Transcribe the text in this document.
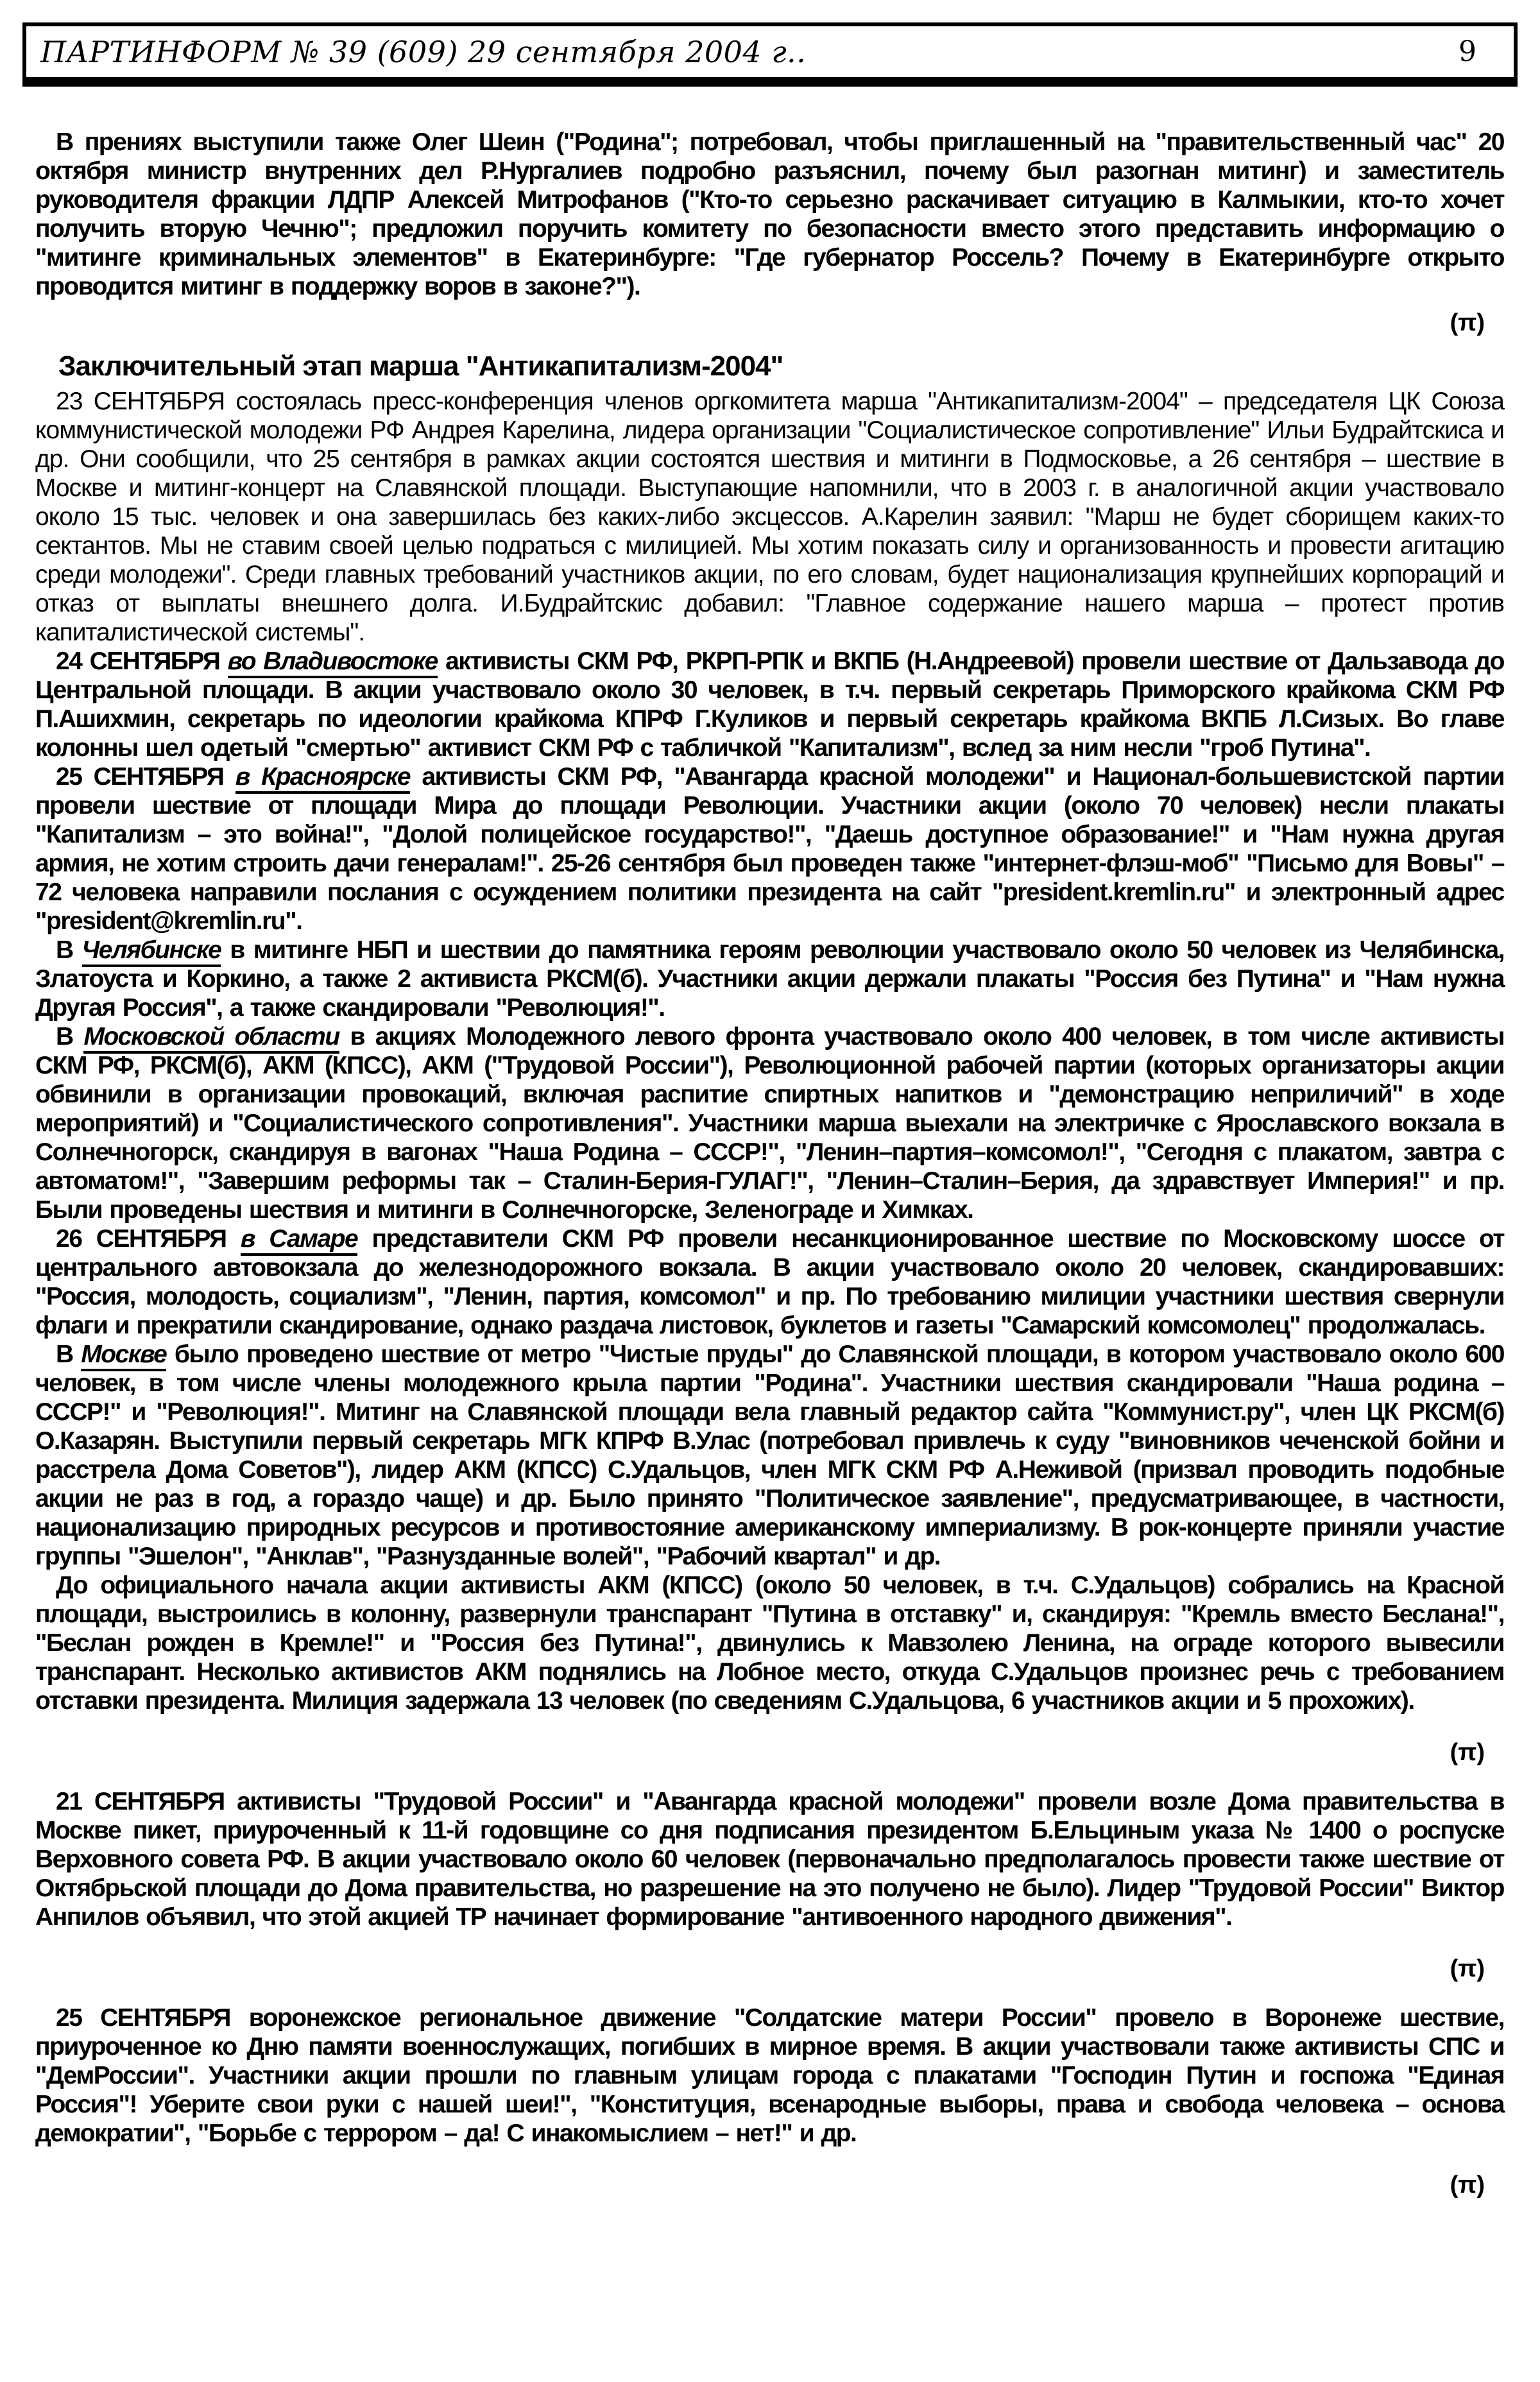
ПАРТИНФОРМ № 39 (609) 29 сентября 2004 г..	9

В прениях выступили также Олег Шеин ("Родина"; потребовал, чтобы приглашенный на "правительственный час" 20 октября министр внутренних дел Р.Нургалиев подробно разъяснил, почему был разогнан митинг) и заместитель руководителя фракции ЛДПР Алексей Митрофанов ("Кто-то серьезно раскачивает ситуацию в Калмыкии, кто-то хочет получить вторую Чечню"; предложил поручить комитету по безопасности вместо этого представить информацию о "митинге криминальных элементов" в Екатеринбурге: "Где губернатор Россель? Почему в Екатеринбурге открыто проводится митинг в поддержку воров в законе?").

(π)
Заключительный этап марша "Антикапитализм-2004"

23 СЕНТЯБРЯ состоялась пресс-конференция членов оргкомитета марша "Антикапитализм-2004" – председателя ЦК Союза коммунистической молодежи РФ Андрея Карелина, лидера организации "Социалистическое сопротивление" Ильи Будрайтскиса и др. Они сообщили, что 25 сентября в рамках акции состоятся шествия и митинги в Подмосковье, а 26 сентября – шествие в Москве и митинг-концерт на Славянской площади. Выступающие напомнили, что в 2003 г. в аналогичной акции участвовало около 15 тыс. человек и она завершилась без каких-либо эксцессов. А.Карелин заявил: "Марш не будет сборищем каких-то сектантов. Мы не ставим своей целью подраться с милицией. Мы хотим показать силу и организованность и провести агитацию среди молодежи". Среди главных требований участников акции, по его словам, будет национализация крупнейших корпораций и отказ от выплаты внешнего долга. И.Будрайтскис добавил: "Главное содержание нашего марша – протест против капиталистической системы".

24 СЕНТЯБРЯ во Владивостоке активисты СКМ РФ, РКРП-РПК и ВКПБ (Н.Андреевой) провели шествие от Дальзавода до Центральной площади. В акции участвовало около 30 человек, в т.ч. первый секретарь Приморского крайкома СКМ РФ П.Ашихмин, секретарь по идеологии крайкома КПРФ Г.Куликов и первый секретарь крайкома ВКПБ Л.Сизых. Во главе колонны шел одетый "смертью" активист СКМ РФ с табличкой "Капитализм", вслед за ним несли "гроб Путина".

25 СЕНТЯБРЯ в Красноярске активисты СКМ РФ, "Авангарда красной молодежи" и Национал-большевистской партии провели шествие от площади Мира до площади Революции. Участники акции (около 70 человек) несли плакаты "Капитализм – это война!", "Долой полицейское государство!", "Даешь доступное образование!" и "Нам нужна другая армия, не хотим строить дачи генералам!". 25-26 сентября был проведен также "интернет-флэш-моб" "Письмо для Вовы" – 72 человека направили послания с осуждением политики президента на сайт "president.kremlin.ru" и электронный адрес "president@kremlin.ru".

В Челябинске в митинге НБП и шествии до памятника героям революции участвовало около 50 человек из Челябинска, Златоуста и Коркино, а также 2 активиста РКСМ(б). Участники акции держали плакаты "Россия без Путина" и "Нам нужна Другая Россия", а также скандировали "Революция!".

В Московской области в акциях Молодежного левого фронта участвовало около 400 человек, в том числе активисты СКМ РФ, РКСМ(б), АКМ (КПСС), АКМ ("Трудовой России"), Революционной рабочей партии (которых организаторы акции обвинили в организации провокаций, включая распитие спиртных напитков и "демонстрацию неприличий" в ходе мероприятий) и "Социалистического сопротивления". Участники марша выехали на электричке с Ярославского вокзала в Солнечногорск, скандируя в вагонах "Наша Родина – СССР!", "Ленин–партия–комсомол!", "Сегодня с плакатом, завтра с автоматом!", "Завершим реформы так – Сталин-Берия-ГУЛАГ!", "Ленин–Сталин–Берия, да здравствует Империя!" и пр. Были проведены шествия и митинги в Солнечногорске, Зеленограде и Химках.

26 СЕНТЯБРЯ в Самаре представители СКМ РФ провели несанкционированное шествие по Московскому шоссе от центрального автовокзала до железнодорожного вокзала. В акции участвовало около 20 человек, скандировавших: "Россия, молодость, социализм", "Ленин, партия, комсомол" и пр. По требованию милиции участники шествия свернули флаги и прекратили скандирование, однако раздача листовок, буклетов и газеты "Самарский комсомолец" продолжалась.

В Москве было проведено шествие от метро "Чистые пруды" до Славянской площади, в котором участвовало около 600 человек, в том числе члены молодежного крыла партии "Родина". Участники шествия скандировали "Наша родина – СССР!" и "Революция!". Митинг на Славянской площади вела главный редактор сайта "Коммунист.ру", член ЦК РКСМ(б) О.Казарян. Выступили первый секретарь МГК КПРФ В.Улас (потребовал привлечь к суду "виновников чеченской бойни и расстрела Дома Советов"), лидер АКМ (КПСС) С.Удальцов, член МГК СКМ РФ А.Неживой (призвал проводить подобные акции не раз в год, а гораздо чаще) и др. Было принято "Политическое заявление", предусматривающее, в частности, национализацию природных ресурсов и противостояние американскому империализму. В рок-концерте приняли участие группы "Эшелон", "Анклав", "Разнузданные волей", "Рабочий квартал" и др.

До официального начала акции активисты АКМ (КПСС) (около 50 человек, в т.ч. С.Удальцов) собрались на Красной площади, выстроились в колонну, развернули транспарант "Путина в отставку" и, скандируя: "Кремль вместо Беслана!", "Беслан рожден в Кремле!" и "Россия без Путина!", двинулись к Мавзолею Ленина, на ограде которого вывесили транспарант. Несколько активистов АКМ поднялись на Лобное место, откуда С.Удальцов произнес речь с требованием отставки президента. Милиция задержала 13 человек (по сведениям С.Удальцова, 6 участников акции и 5 прохожих).

(π)

21 СЕНТЯБРЯ активисты "Трудовой России" и "Авангарда красной молодежи" провели возле Дома правительства в Москве пикет, приуроченный к 11-й годовщине со дня подписания президентом Б.Ельциным указа № 1400 о роспуске Верховного совета РФ. В акции участвовало около 60 человек (первоначально предполагалось провести также шествие от Октябрьской площади до Дома правительства, но разрешение на это получено не было). Лидер "Трудовой России" Виктор Анпилов объявил, что этой акцией ТР начинает формирование "антивоенного народного движения".

(π)

25 СЕНТЯБРЯ воронежское региональное движение "Солдатские матери России" провело в Воронеже шествие, приуроченное ко Дню памяти военнослужащих, погибших в мирное время. В акции участвовали также активисты СПС и "ДемРоссии". Участники акции прошли по главным улицам города с плакатами "Господин Путин и госпожа "Единая Россия"! Уберите свои руки с нашей шеи!", "Конституция, всенародные выборы, права и свобода человека – основа демократии", "Борьбе с террором – да! С инакомыслием – нет!" и др.

(π)
